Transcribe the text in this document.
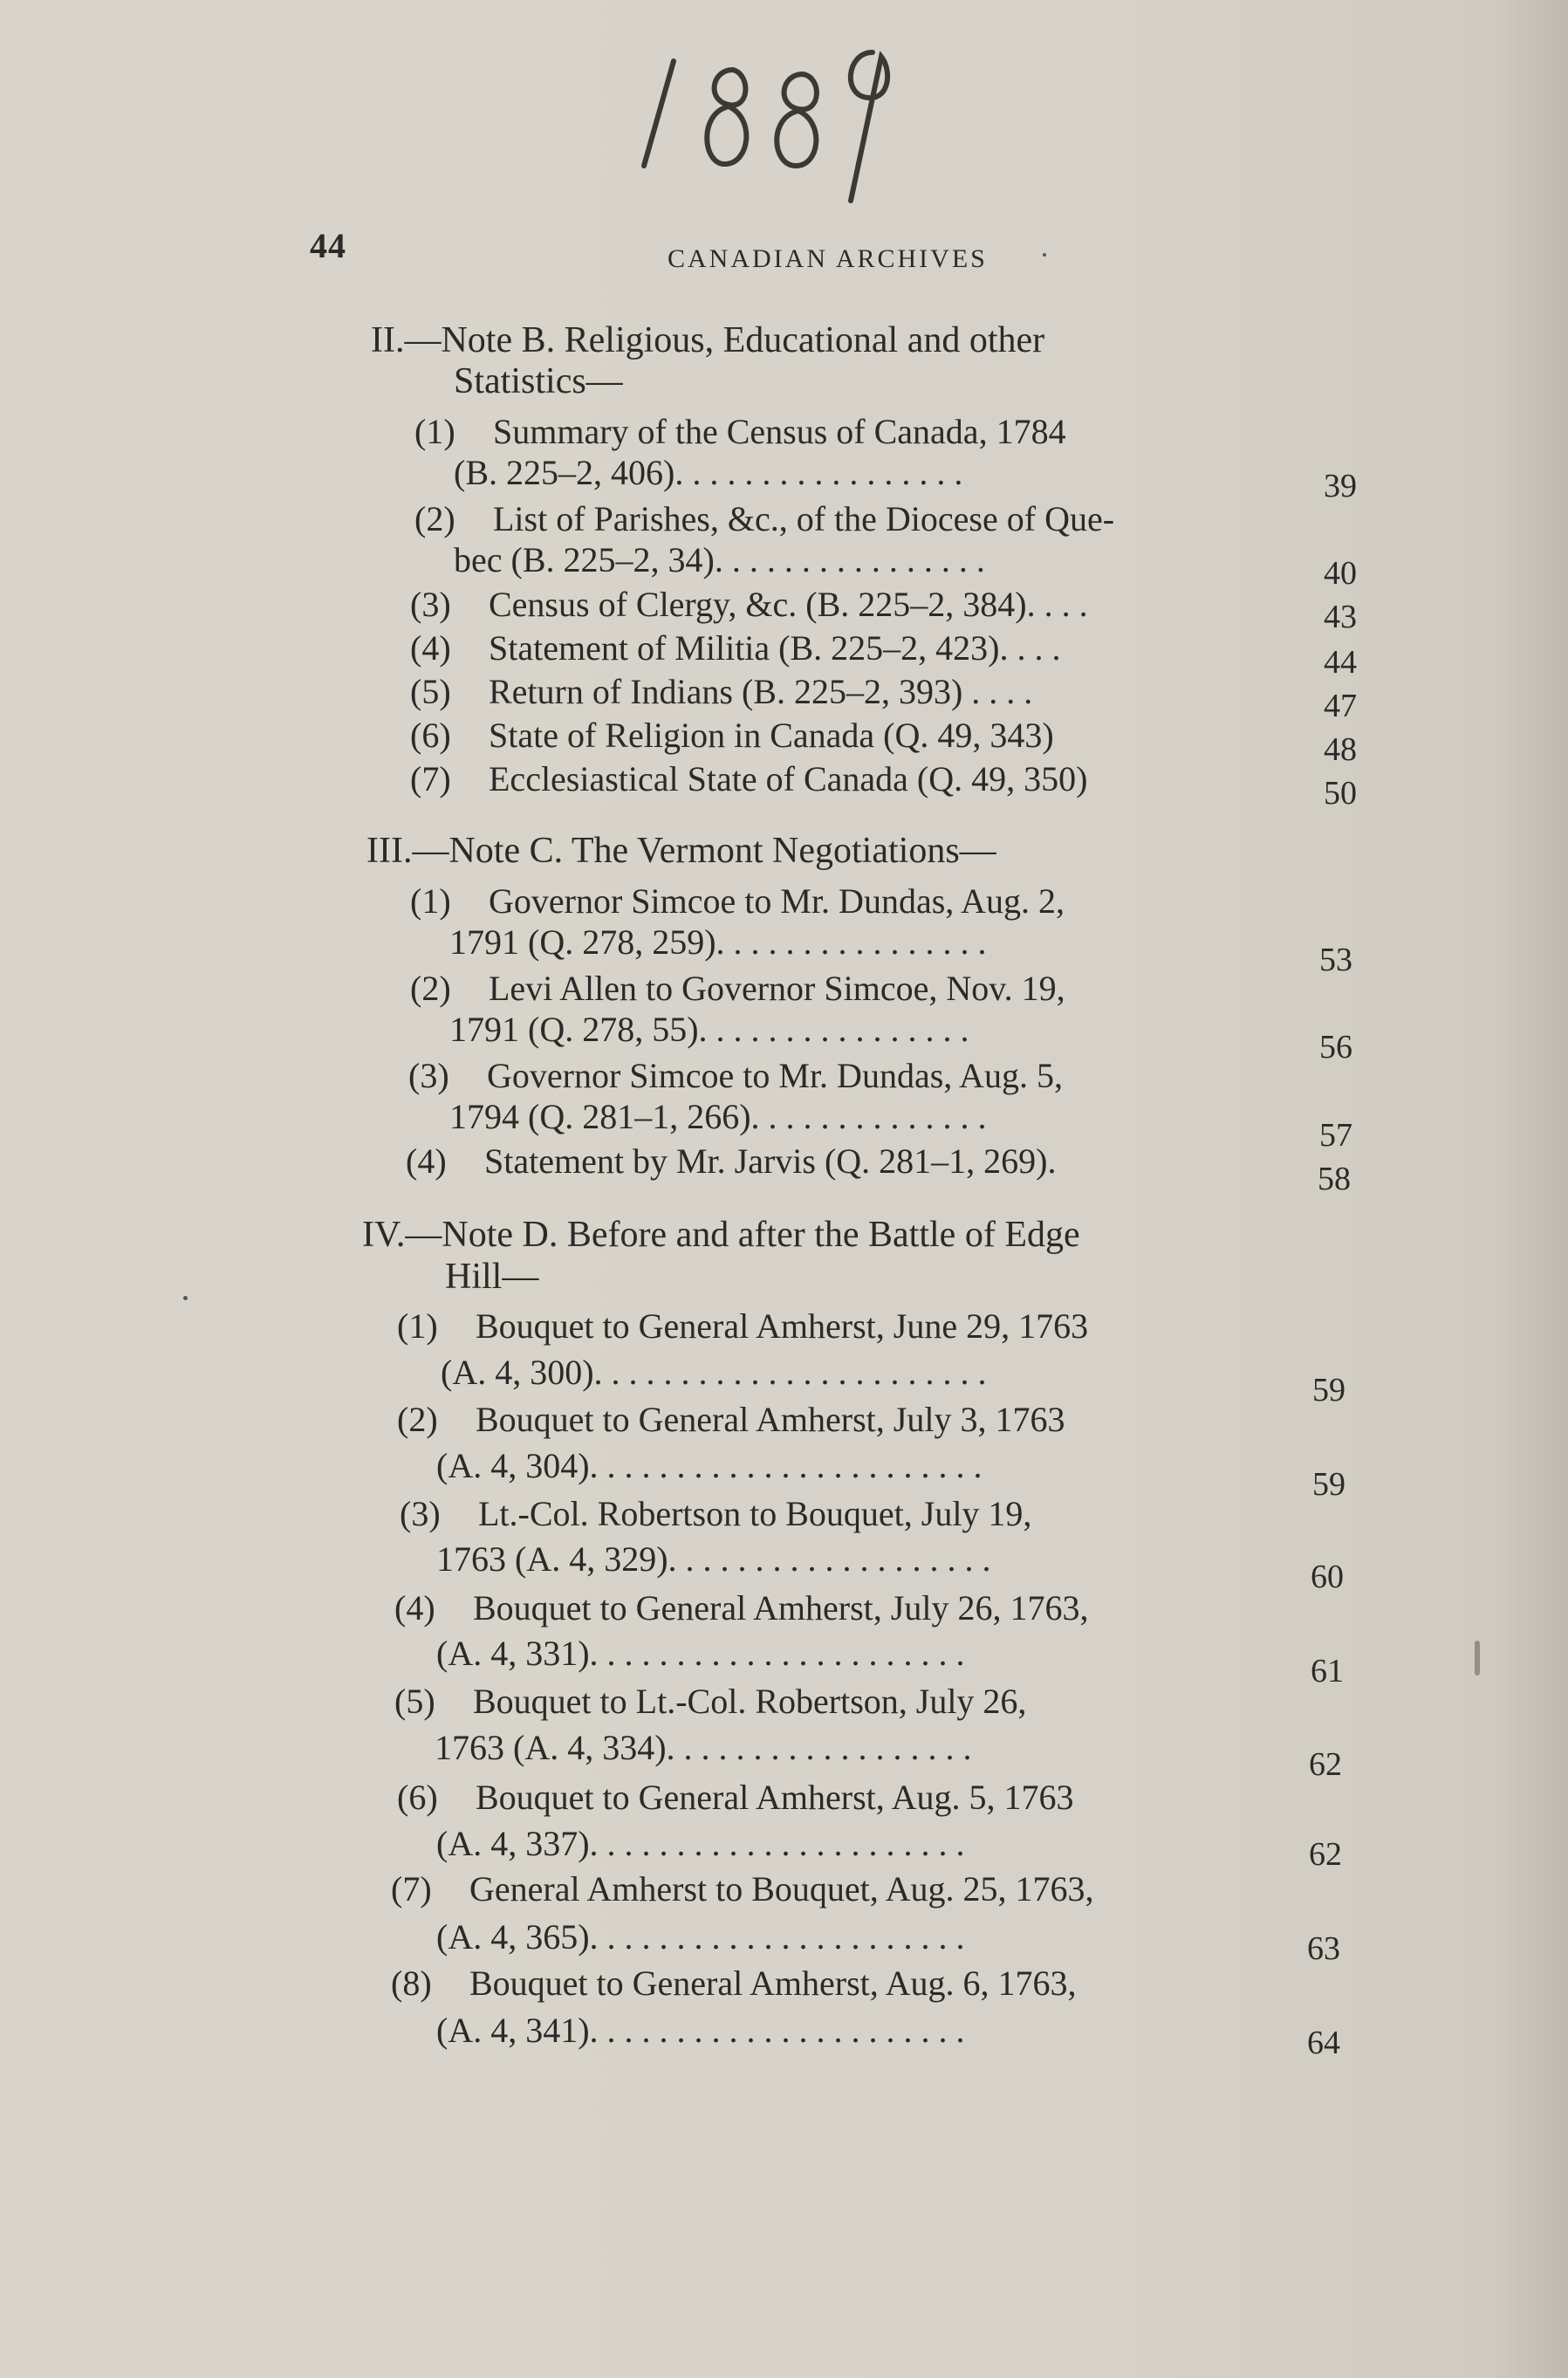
44	CANADIAN ARCHIVES
II.—Note B. Religious, Educational and other
Statistics—
(1) Summary of the Census of Canada, 1784
(B. 225–2, 406). . . . . . . . . . . . . . . . .	39
(2) List of Parishes, &c., of the Diocese of Que-
bec (B. 225–2, 34). . . . . . . . . . . . . . . .	40
(3) Census of Clergy, &c. (B. 225–2, 384). . . .	43
(4) Statement of Militia (B. 225–2, 423). . . .	44
(5) Return of Indians (B. 225–2, 393) . . . .	47
(6) State of Religion in Canada (Q. 49, 343)	48
(7) Ecclesiastical State of Canada (Q. 49, 350)	50
III.—Note C. The Vermont Negotiations—
(1) Governor Simcoe to Mr. Dundas, Aug. 2,
1791 (Q. 278, 259). . . . . . . . . . . . . . . .	53
(2) Levi Allen to Governor Simcoe, Nov. 19,
1791 (Q. 278, 55). . . . . . . . . . . . . . . .	56
(3) Governor Simcoe to Mr. Dundas, Aug. 5,
1794 (Q. 281–1, 266). . . . . . . . . . . . . .	57
(4) Statement by Mr. Jarvis (Q. 281–1, 269).	58
IV.—Note D. Before and after the Battle of Edge
Hill—
(1) Bouquet to General Amherst, June 29, 1763
(A. 4, 300). . . . . . . . . . . . . . . . . . . . . . .	59
(2) Bouquet to General Amherst, July 3, 1763
(A. 4, 304). . . . . . . . . . . . . . . . . . . . . . .	59
(3) Lt.-Col. Robertson to Bouquet, July 19,
1763 (A. 4, 329). . . . . . . . . . . . . . . . . . .	60
(4) Bouquet to General Amherst, July 26, 1763,
(A. 4, 331). . . . . . . . . . . . . . . . . . . . . .	61
(5) Bouquet to Lt.-Col. Robertson, July 26,
1763 (A. 4, 334). . . . . . . . . . . . . . . . . .	62
(6) Bouquet to General Amherst, Aug. 5, 1763
(A. 4, 337). . . . . . . . . . . . . . . . . . . . . .	62
(7) General Amherst to Bouquet, Aug. 25, 1763,
(A. 4, 365). . . . . . . . . . . . . . . . . . . . . .	63
(8) Bouquet to General Amherst, Aug. 6, 1763,
(A. 4, 341). . . . . . . . . . . . . . . . . . . . . .	64
